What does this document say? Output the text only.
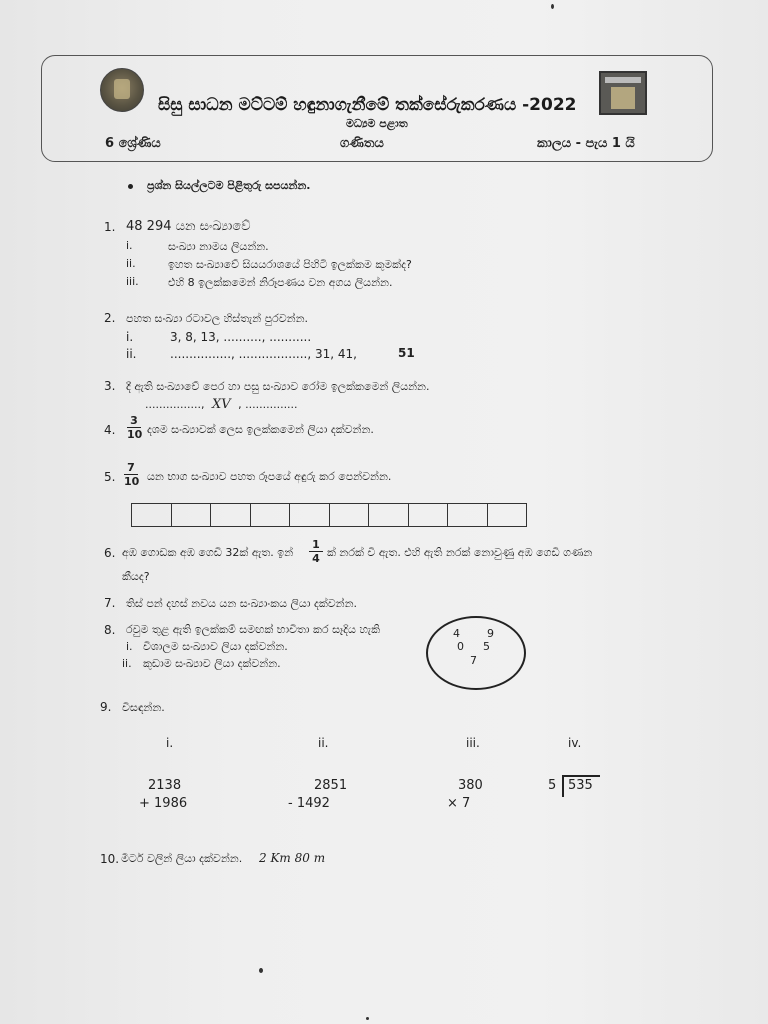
සිසු සාධන මට්ටම් හඳුනාගැනීමේ තක්සේරුකරණය -2022
මධ්‍යම පළාත
6 ශ්‍රේණිය	ගණිතය	කාලය - පැය 1 යි
ප්‍රශ්න සියල්ලටම පිළිතුරු සපයන්න.
1. 48 294 යන සංඛ්‍යාවේ
i.	සංඛ්‍යා නාමය ලියන්න.
ii.	ඉහත සංඛ්‍යාවේ සියයරාශයේ පිහිටි ඉලක්කම කුමක්ද?
iii.	එහි 8 ඉලක්කමෙන් නිරූපණය වන අගය ලියන්න.
2. පහත සංඛ්‍යා රටාවල හිස්තැන් පුරවන්න.
i.	3, 8, 13, .........., ...........
ii.	................, .................., 31, 41,	51
3. දී ඇති සංඛ්‍යාවේ පෙර හා පසු සංඛ්‍යාව රෝම ඉලක්කමෙන් ලියන්න.
................, XV , ...............
4. $\frac{3}{10}$ දශම සංඛ්‍යාවක් ලෙස ඉලක්කමෙන් ලියා දක්වන්න.
5. $\frac{7}{10}$ යන භාග සංඛ්‍යාව පහත රූපයේ අඳුරු කර පෙන්වන්න.
6. අඹ ගොඩක අඹ ගෙඩි 32ක් ඇත. ඉන් $\frac{1}{4}$ ක් නරක් වී ඇත. එහි ඇති නරක් නොවුණු අඹ ගෙඩි ගණන
කීයද?
7. තිස් පන් දහස් නවය යන සංඛ්‍යාංකය ලියා දක්වන්න.
8. රවුම තුළ ඇති ඉලක්කම් සමඟක් භාවිතා කර සෑදිය හැකි
i. විශාලම සංඛ්‍යාව ලියා දක්වන්න.
ii. කුඩාම සංඛ්‍යාව ලියා දක්වන්න.
4 9
0 5
7
9. විසඳන්න.
i.	ii.	iii.	iv.
2138
+ 1986
2851
- 1492
380
× 7
5 535
10. මීටර් වලින් ලියා දක්වන්න. 2 Km 80 m
